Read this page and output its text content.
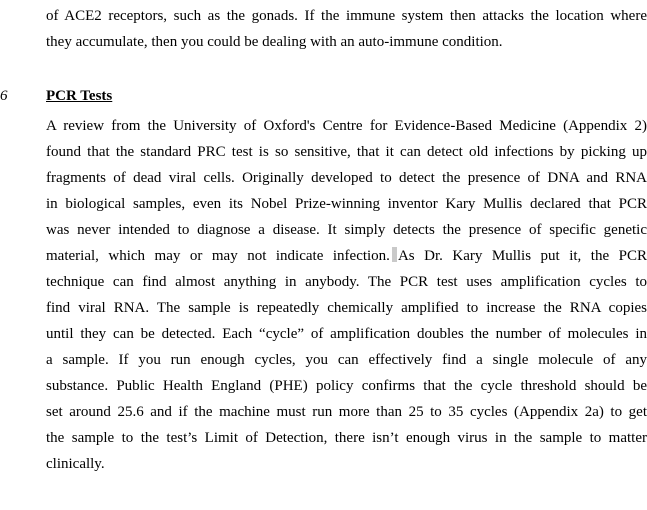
of ACE2 receptors, such as the gonads. If the immune system then attacks the location where
they accumulate, then you could be dealing with an auto-immune condition.
6	PCR Tests
A review from the University of Oxford's Centre for Evidence-Based Medicine (Appendix 2)
found that the standard PRC test is so sensitive, that it can detect old infections by picking up
fragments of dead viral cells. Originally developed to detect the presence of DNA and RNA
in biological samples, even its Nobel Prize-winning inventor Kary Mullis declared that PCR
was never intended to diagnose a disease. It simply detects the presence of specific genetic
material, which may or may not indicate infection. As Dr. Kary Mullis put it, the PCR
technique can find almost anything in anybody. The PCR test uses amplification cycles to
find viral RNA. The sample is repeatedly chemically amplified to increase the RNA copies
until they can be detected. Each “cycle” of amplification doubles the number of molecules in
a sample. If you run enough cycles, you can effectively find a single molecule of any
substance. Public Health England (PHE) policy confirms that the cycle threshold should be
set around 25.6 and if the machine must run more than 25 to 35 cycles (Appendix 2a) to get
the sample to the test’s Limit of Detection, there isn’t enough virus in the sample to matter
clinically.
